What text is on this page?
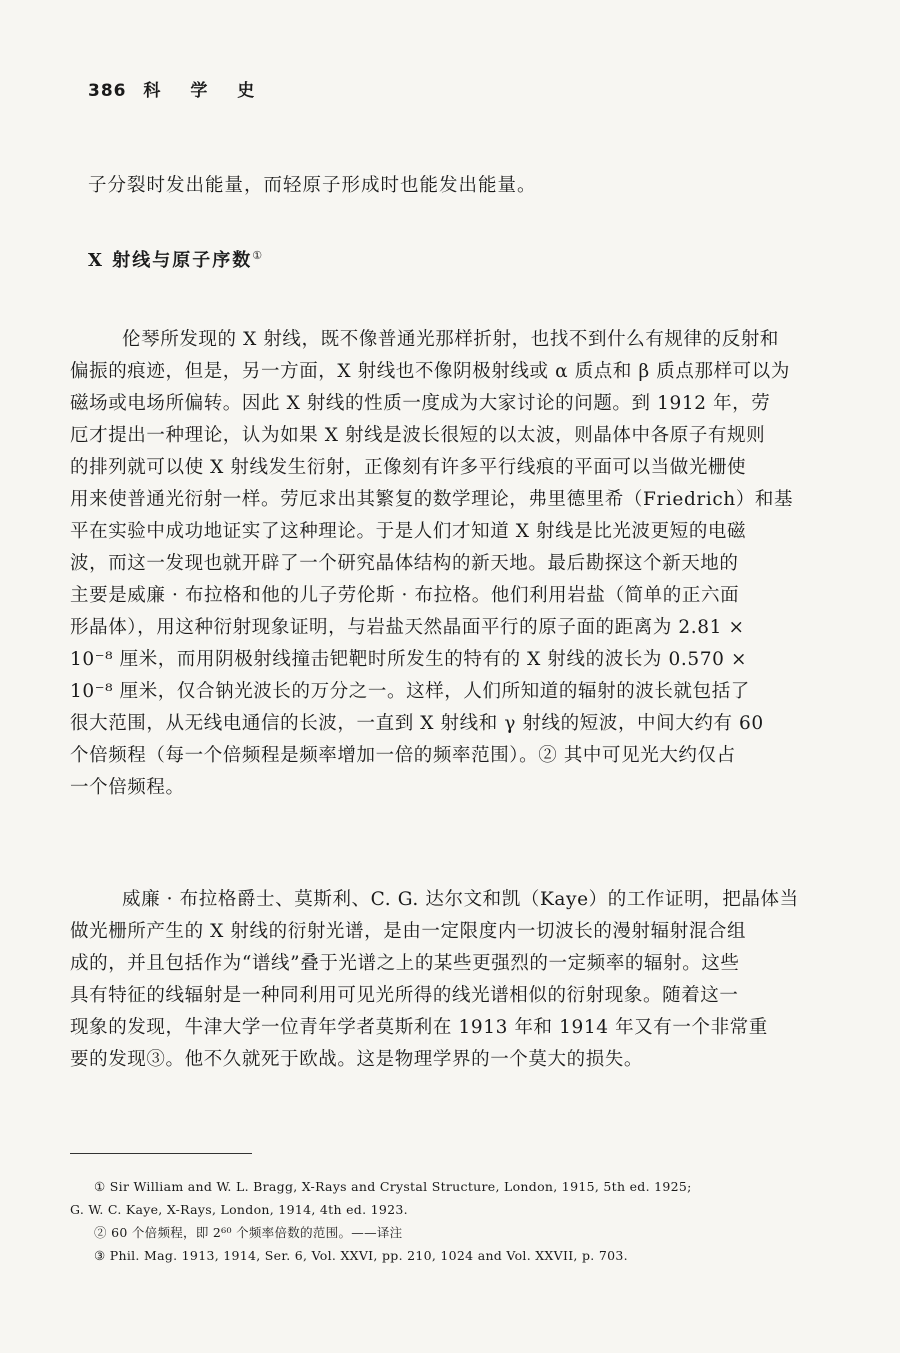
386 科 学 史
子分裂时发出能量，而轻原子形成时也能发出能量。
X 射线与原子序数①
伦琴所发现的 X 射线，既不像普通光那样折射，也找不到什么有规律的反射和
偏振的痕迹，但是，另一方面，X 射线也不像阴极射线或 α 质点和 β 质点那样可以为
磁场或电场所偏转。因此 X 射线的性质一度成为大家讨论的问题。到 1912 年，劳
厄才提出一种理论，认为如果 X 射线是波长很短的以太波，则晶体中各原子有规则
的排列就可以使 X 射线发生衍射，正像刻有许多平行线痕的平面可以当做光栅使
用来使普通光衍射一样。劳厄求出其繁复的数学理论，弗里德里希（Friedrich）和基
平在实验中成功地证实了这种理论。于是人们才知道 X 射线是比光波更短的电磁
波，而这一发现也就开辟了一个研究晶体结构的新天地。最后勘探这个新天地的
主要是威廉 · 布拉格和他的儿子劳伦斯 · 布拉格。他们利用岩盐（简单的正六面
形晶体），用这种衍射现象证明，与岩盐天然晶面平行的原子面的距离为 2.81 ×
10⁻⁸ 厘米，而用阴极射线撞击钯靶时所发生的特有的 X 射线的波长为 0.570 ×
10⁻⁸ 厘米，仅合钠光波长的万分之一。这样，人们所知道的辐射的波长就包括了
很大范围，从无线电通信的长波，一直到 X 射线和 γ 射线的短波，中间大约有 60
个倍频程（每一个倍频程是频率增加一倍的频率范围）。② 其中可见光大约仅占
一个倍频程。
威廉 · 布拉格爵士、莫斯利、C. G. 达尔文和凯（Kaye）的工作证明，把晶体当
做光栅所产生的 X 射线的衍射光谱，是由一定限度内一切波长的漫射辐射混合组
成的，并且包括作为“谱线”叠于光谱之上的某些更强烈的一定频率的辐射。这些
具有特征的线辐射是一种同利用可见光所得的线光谱相似的衍射现象。随着这一
现象的发现，牛津大学一位青年学者莫斯利在 1913 年和 1914 年又有一个非常重
要的发现③。他不久就死于欧战。这是物理学界的一个莫大的损失。
① Sir William and W. L. Bragg, X-Rays and Crystal Structure, London, 1915, 5th ed. 1925;
G. W. C. Kaye, X-Rays, London, 1914, 4th ed. 1923.
② 60 个倍频程，即 2⁶⁰ 个频率倍数的范围。——译注
③ Phil. Mag. 1913, 1914, Ser. 6, Vol. XXVI, pp. 210, 1024 and Vol. XXVII, p. 703.
